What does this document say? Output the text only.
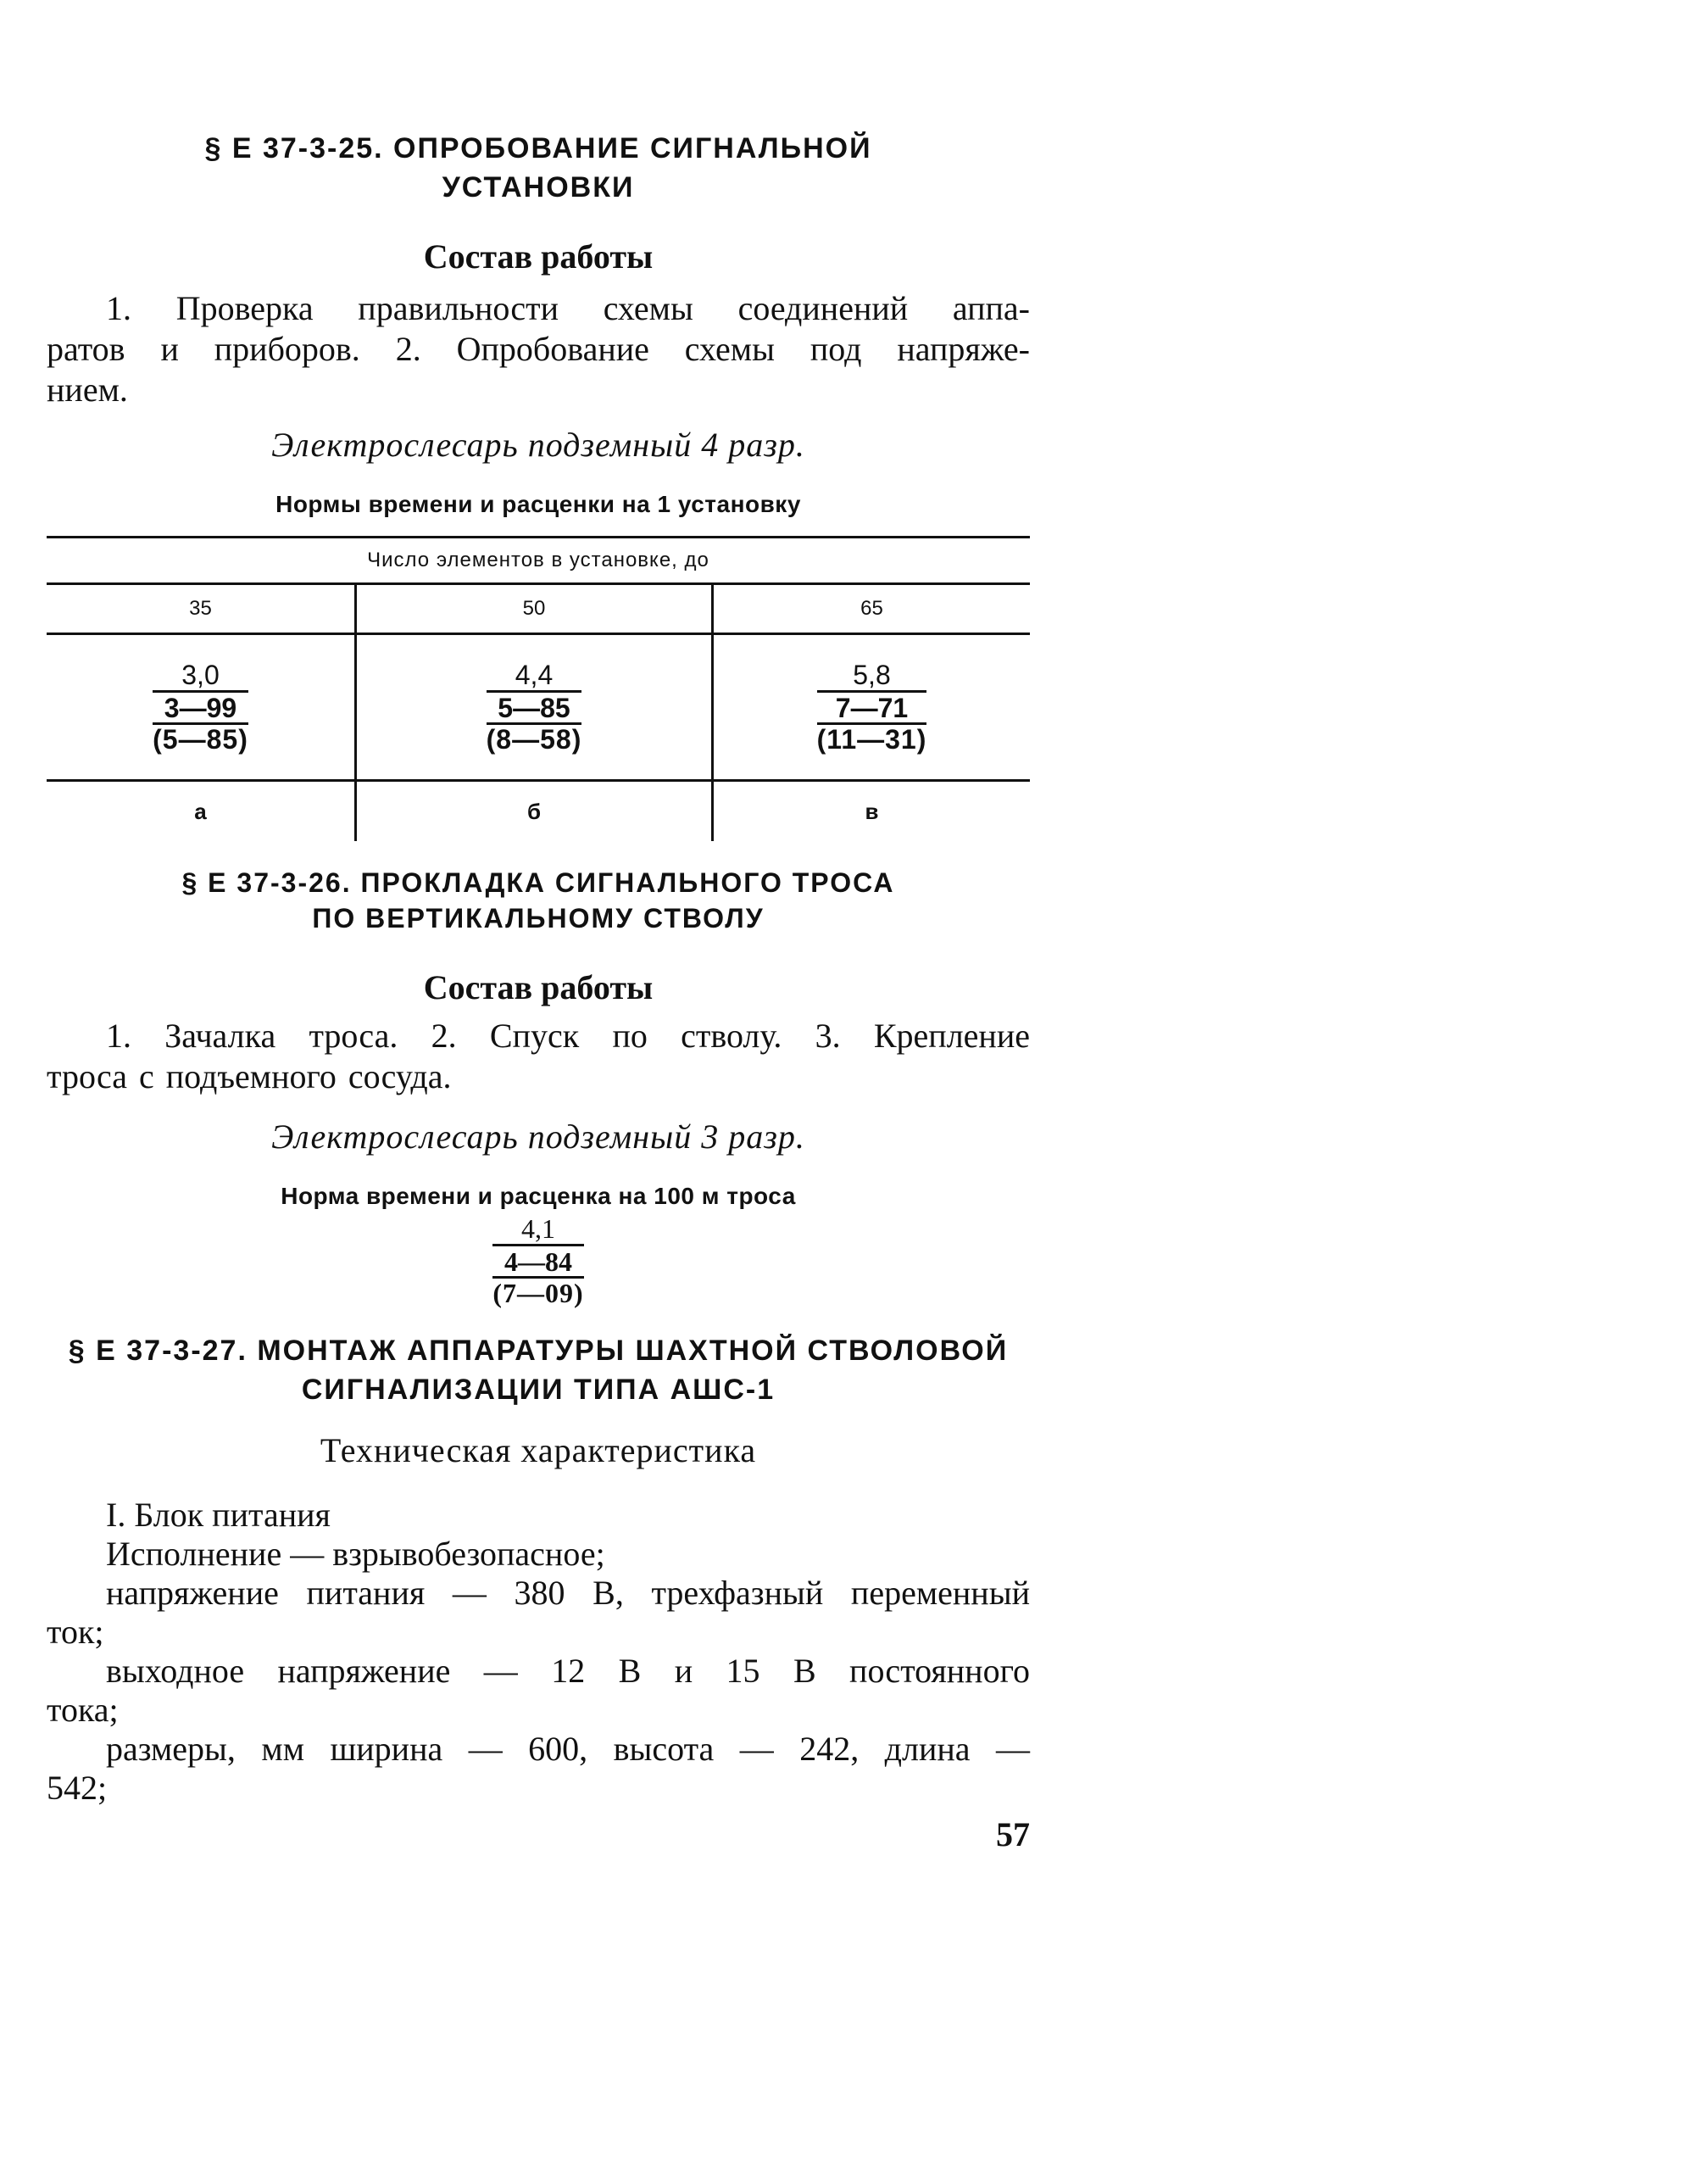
§ Е 37-3-25. ОПРОБОВАНИЕ СИГНАЛЬНОЙ

УСТАНОВКИ

Состав работы

1. Проверка правильности схемы соединений аппа-

ратов и приборов. 2. Опробование схемы под напряже-

нием.

Электрослесарь подземный 4 разр.

Нормы времени и расценки на 1 установку

Число элементов в установке, до		
35	50	65

3,0
3—99
(5—85)	4,4
5—85
(8—58)	5,8
7—71
(11—31)

а	б	в

§ Е 37-3-26. ПРОКЛАДКА СИГНАЛЬНОГО ТРОСА

ПО ВЕРТИКАЛЬНОМУ СТВОЛУ

Состав работы

1. Зачалка троса. 2. Спуск по стволу. 3. Крепление

троса с подъемного сосуда.

Электрослесарь подземный 3 разр.

Норма времени и расценка на 100 м троса

4,1
4—84
(7—09)

§ Е 37-3-27. МОНТАЖ АППАРАТУРЫ ШАХТНОЙ СТВОЛОВОЙ

СИГНАЛИЗАЦИИ ТИПА АШС-1

Техническая характеристика

I. Блок питания

Исполнение — взрывобезопасное;

напряжение питания — 380 В, трехфазный переменный

ток;

выходное напряжение — 12 В и 15 В постоянного

тока;

размеры, мм ширина — 600, высота — 242, длина —

542;

57
